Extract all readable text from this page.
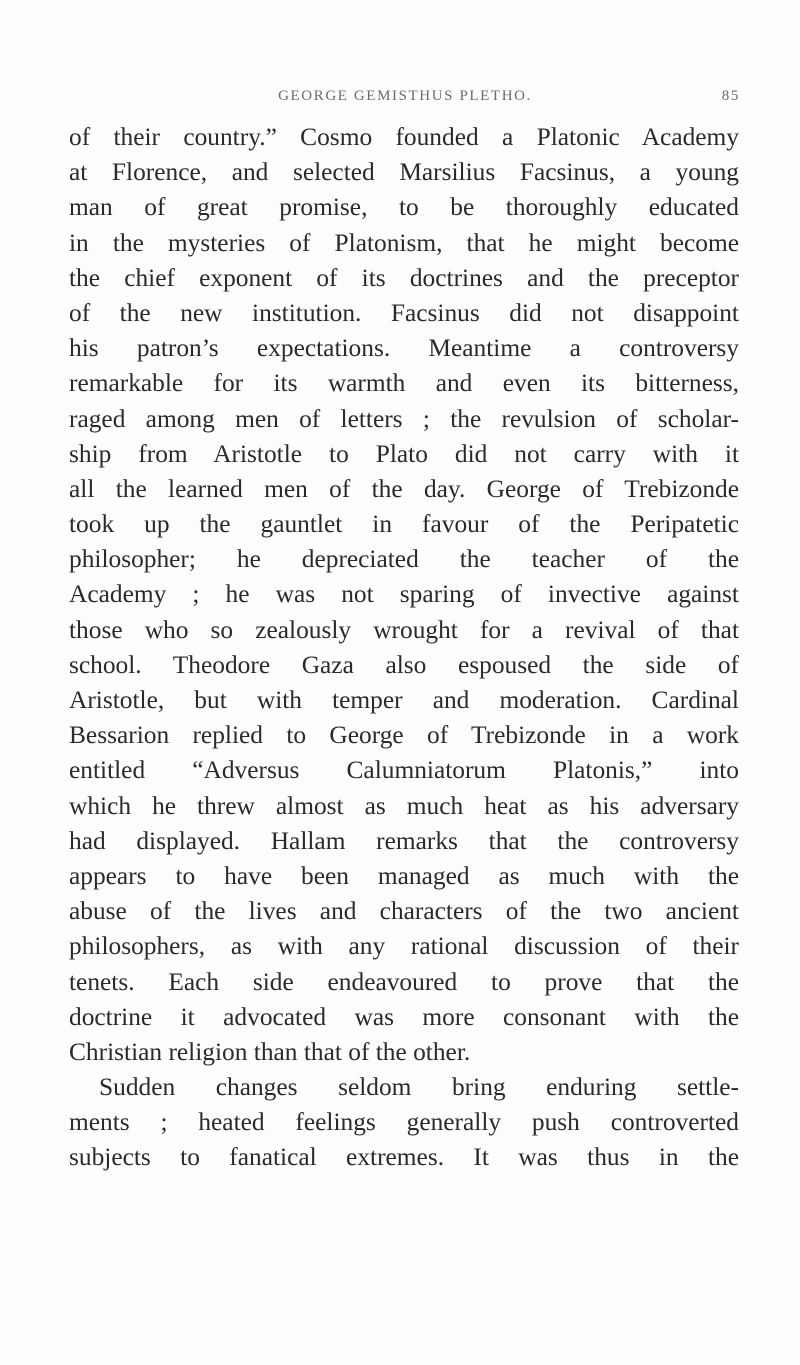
GEORGE GEMISTHUS PLETHO.	85
of their country.” Cosmo founded a Platonic Academy
at Florence, and selected Marsilius Facsinus, a young
man of great promise, to be thoroughly educated
in the mysteries of Platonism, that he might become
the chief exponent of its doctrines and the preceptor
of the new institution. Facsinus did not disappoint
his patron’s expectations. Meantime a controversy
remarkable for its warmth and even its bitterness,
raged among men of letters ; the revulsion of scholar-
ship from Aristotle to Plato did not carry with it
all the learned men of the day. George of Trebizonde
took up the gauntlet in favour of the Peripatetic
philosopher; he depreciated the teacher of the
Academy ; he was not sparing of invective against
those who so zealously wrought for a revival of that
school. Theodore Gaza also espoused the side of
Aristotle, but with temper and moderation. Cardinal
Bessarion replied to George of Trebizonde in a work
entitled “Adversus Calumniatorum Platonis,” into
which he threw almost as much heat as his adversary
had displayed. Hallam remarks that the controversy
appears to have been managed as much with the
abuse of the lives and characters of the two ancient
philosophers, as with any rational discussion of their
tenets. Each side endeavoured to prove that the
doctrine it advocated was more consonant with the
Christian religion than that of the other.
Sudden changes seldom bring enduring settle-
ments ; heated feelings generally push controverted
subjects to fanatical extremes. It was thus in the
